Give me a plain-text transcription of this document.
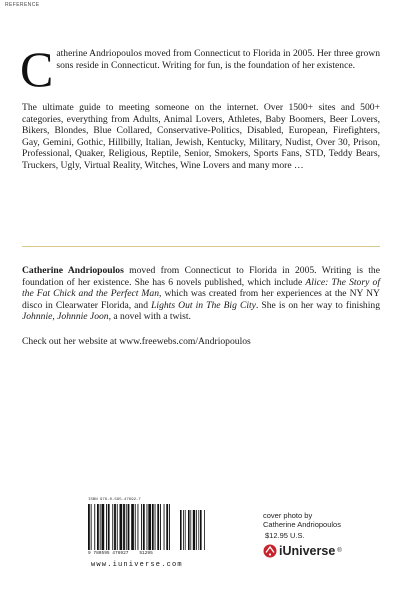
REFERENCE
Catherine Andriopoulos moved from Connecticut to Florida in 2005. Her three grown sons reside in Connecticut. Writing for fun, is the foundation of her existence.

The ultimate guide to meeting someone on the internet. Over 1500+ sites and 500+ categories, everything from Adults, Animal Lovers, Athletes, Baby Boomers, Beer Lovers, Bikers, Blondes, Blue Collared, Conservative-Politics, Disabled, European, Firefighters, Gay, Gemini, Gothic, Hillbilly, Italian, Jewish, Kentucky, Military, Nudist, Over 30, Prison, Professional, Quaker, Religious, Reptile, Senior, Smokers, Sports Fans, STD, Teddy Bears, Truckers, Ugly, Virtual Reality, Witches, Wine Lovers and many more …

Catherine Andriopoulos moved from Connecticut to Florida in 2005. Writing is the foundation of her existence. She has 6 novels published, which include Alice: The Story of the Fat Chick and the Perfect Man, which was created from her experiences at the NY NY disco in Clearwater Florida, and Lights Out in The Big City. She is on her way to finishing Johnnie, Johnnie Joon, a novel with a twist.

Check out her website at www.freewebs.com/Andriopoulos

ISBN 978-0-595-47692-7
9 780595 476927 51295
www.iuniverse.com
cover photo by
Catherine Andriopoulos
$12.95 U.S.
iUniverse ®
